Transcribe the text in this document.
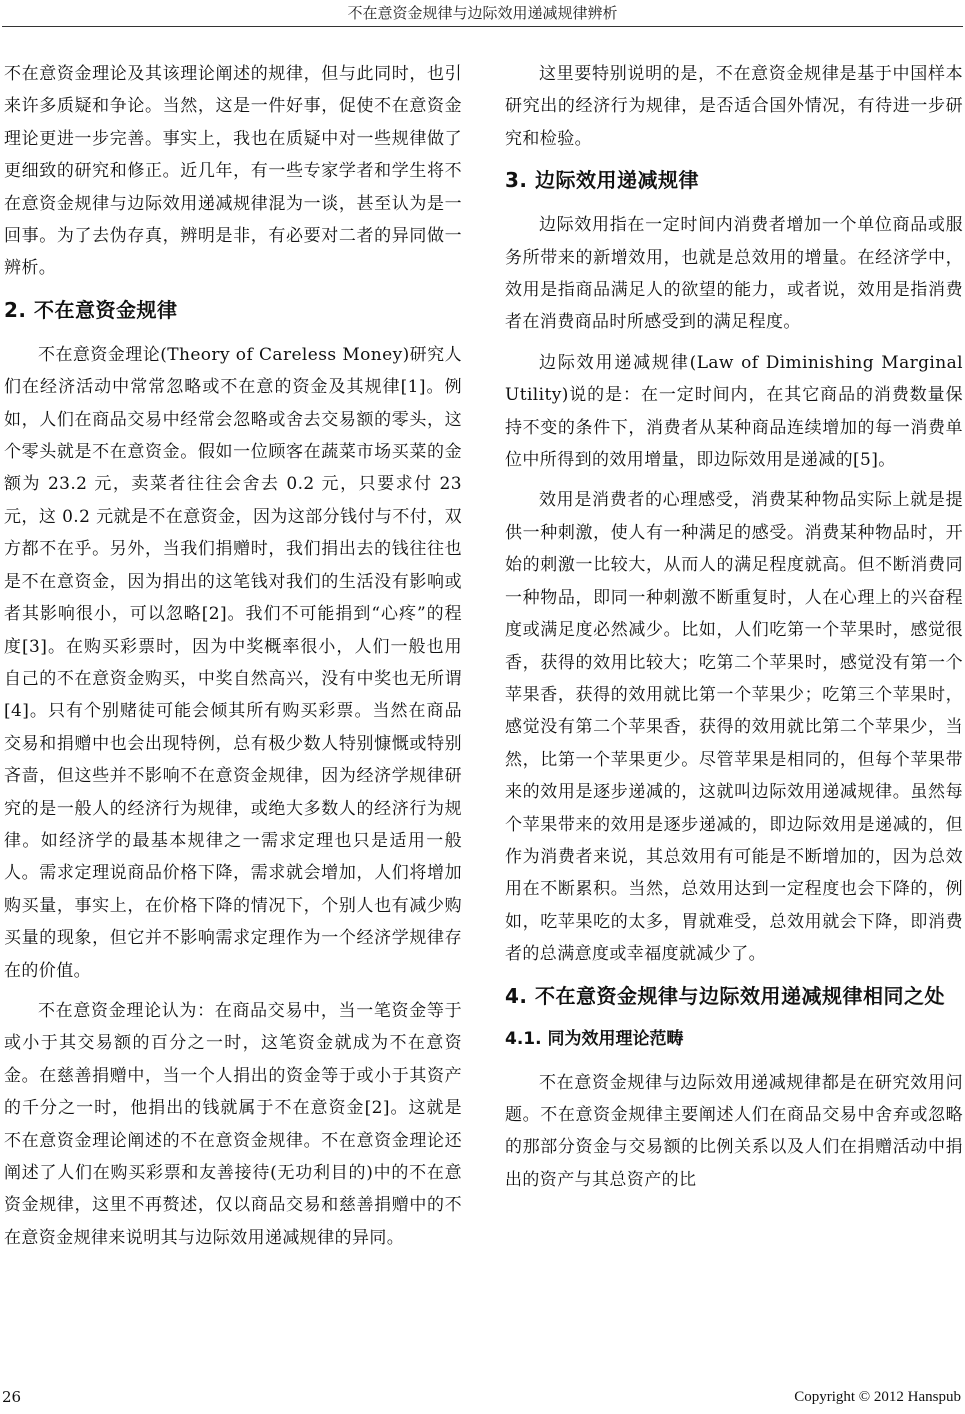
不在意资金规律与边际效用递减规律辨析

不在意资金理论及其该理论阐述的规律，但与此同时，也引来许多质疑和争论。当然，这是一件好事，促使不在意资金理论更进一步完善。事实上，我也在质疑中对一些规律做了更细致的研究和修正。近几年，有一些专家学者和学生将不在意资金规律与边际效用递减规律混为一谈，甚至认为是一回事。为了去伪存真，辨明是非，有必要对二者的异同做一辨析。

2. 不在意资金规律

不在意资金理论(Theory of Careless Money)研究人们在经济活动中常常忽略或不在意的资金及其规律[1]。例如，人们在商品交易中经常会忽略或舍去交易额的零头，这个零头就是不在意资金。假如一位顾客在蔬菜市场买菜的金额为 23.2 元，卖菜者往往会舍去 0.2 元，只要求付 23 元，这 0.2 元就是不在意资金，因为这部分钱付与不付，双方都不在乎。另外，当我们捐赠时，我们捐出去的钱往往也是不在意资金，因为捐出的这笔钱对我们的生活没有影响或者其影响很小，可以忽略[2]。我们不可能捐到“心疼”的程度[3]。在购买彩票时，因为中奖概率很小，人们一般也用自己的不在意资金购买，中奖自然高兴，没有中奖也无所谓[4]。只有个别赌徒可能会倾其所有购买彩票。当然在商品交易和捐赠中也会出现特例，总有极少数人特别慷慨或特别吝啬，但这些并不影响不在意资金规律，因为经济学规律研究的是一般人的经济行为规律，或绝大多数人的经济行为规律。如经济学的最基本规律之一需求定理也只是适用一般人。需求定理说商品价格下降，需求就会增加，人们将增加购买量，事实上，在价格下降的情况下，个别人也有减少购买量的现象，但它并不影响需求定理作为一个经济学规律存在的价值。

不在意资金理论认为：在商品交易中，当一笔资金等于或小于其交易额的百分之一时，这笔资金就成为不在意资金。在慈善捐赠中，当一个人捐出的资金等于或小于其资产的千分之一时，他捐出的钱就属于不在意资金[2]。这就是不在意资金理论阐述的不在意资金规律。不在意资金理论还阐述了人们在购买彩票和友善接待(无功利目的)中的不在意资金规律，这里不再赘述，仅以商品交易和慈善捐赠中的不在意资金规律来说明其与边际效用递减规律的异同。

这里要特别说明的是，不在意资金规律是基于中国样本研究出的经济行为规律，是否适合国外情况，有待进一步研究和检验。

3. 边际效用递减规律

边际效用指在一定时间内消费者增加一个单位商品或服务所带来的新增效用，也就是总效用的增量。在经济学中，效用是指商品满足人的欲望的能力，或者说，效用是指消费者在消费商品时所感受到的满足程度。

边际效用递减规律(Law of Diminishing Marginal Utility)说的是：在一定时间内，在其它商品的消费数量保持不变的条件下，消费者从某种商品连续增加的每一消费单位中所得到的效用增量，即边际效用是递减的[5]。

效用是消费者的心理感受，消费某种物品实际上就是提供一种刺激，使人有一种满足的感受。消费某种物品时，开始的刺激一比较大，从而人的满足程度就高。但不断消费同一种物品，即同一种刺激不断重复时，人在心理上的兴奋程度或满足度必然减少。比如，人们吃第一个苹果时，感觉很香，获得的效用比较大；吃第二个苹果时，感觉没有第一个苹果香，获得的效用就比第一个苹果少；吃第三个苹果时，感觉没有第二个苹果香，获得的效用就比第二个苹果少，当然，比第一个苹果更少。尽管苹果是相同的，但每个苹果带来的效用是逐步递减的，这就叫边际效用递减规律。虽然每个苹果带来的效用是逐步递减的，即边际效用是递减的，但作为消费者来说，其总效用有可能是不断增加的，因为总效用在不断累积。当然，总效用达到一定程度也会下降的，例如，吃苹果吃的太多，胃就难受，总效用就会下降，即消费者的总满意度或幸福度就减少了。

4. 不在意资金规律与边际效用递减规律相同之处
4.1. 同为效用理论范畴

不在意资金规律与边际效用递减规律都是在研究效用问题。不在意资金规律主要阐述人们在商品交易中舍弃或忽略的那部分资金与交易额的比例关系以及人们在捐赠活动中捐出的资产与其总资产的比

26	Copyright © 2012 Hanspub
